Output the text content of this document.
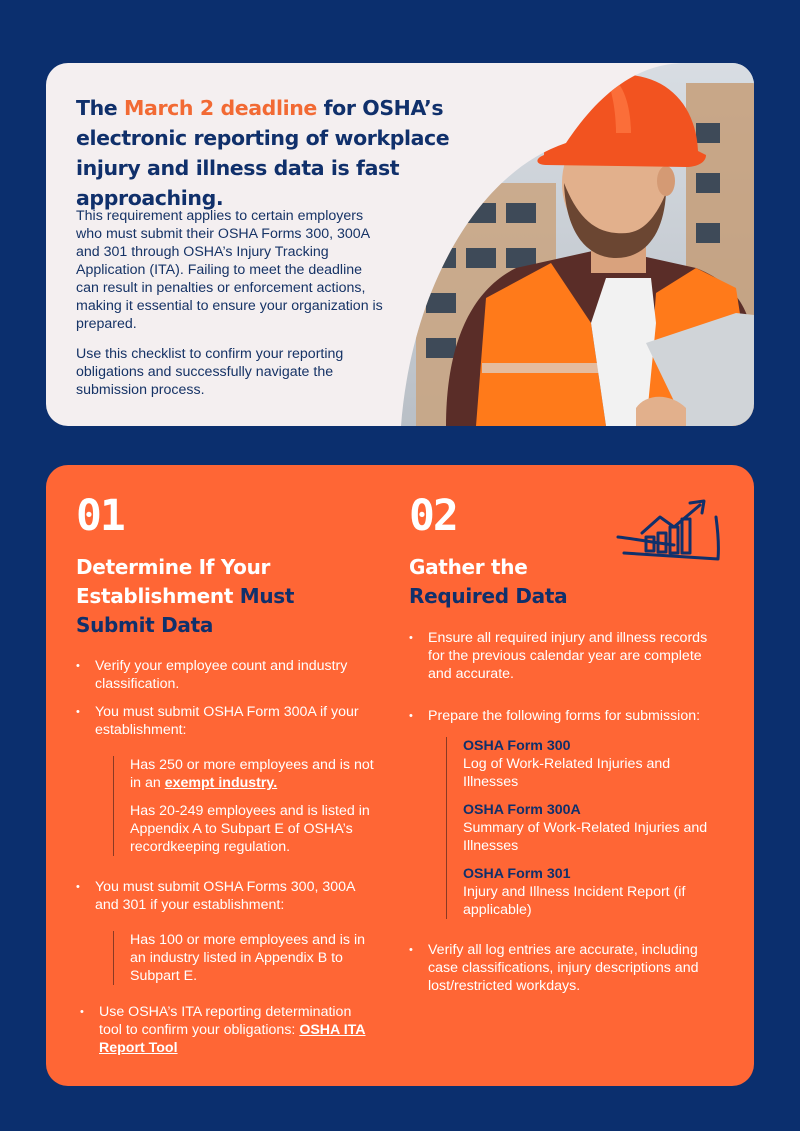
The March 2 deadline for OSHA’s electronic reporting of workplace injury and illness data is fast approaching.

This requirement applies to certain employers who must submit their OSHA Forms 300, 300A and 301 through OSHA’s Injury Tracking Application (ITA). Failing to meet the deadline can result in penalties or enforcement actions, making it essential to ensure your organization is prepared.

Use this checklist to confirm your reporting obligations and successfully navigate the submission process.

01
Determine If Your Establishment Must Submit Data
• Verify your employee count and industry classification.
• You must submit OSHA Form 300A if your establishment:

Has 250 or more employees and is not in an exempt industry.

Has 20-249 employees and is listed in Appendix A to Subpart E of OSHA’s recordkeeping regulation.

• You must submit OSHA Forms 300, 300A and 301 if your establishment:

Has 100 or more employees and is in an industry listed in Appendix B to Subpart E.

• Use OSHA’s ITA reporting determination tool to confirm your obligations: OSHA ITA Report Tool
02
Gather the
Required Data
• Ensure all required injury and illness records for the previous calendar year are complete and accurate.
• Prepare the following forms for submission:

OSHA Form 300

Log of Work-Related Injuries and Illnesses

OSHA Form 300A

Summary of Work-Related Injuries and Illnesses

OSHA Form 301

Injury and Illness Incident Report (if applicable)

• Verify all log entries are accurate, including case classifications, injury descriptions and lost/restricted workdays.
